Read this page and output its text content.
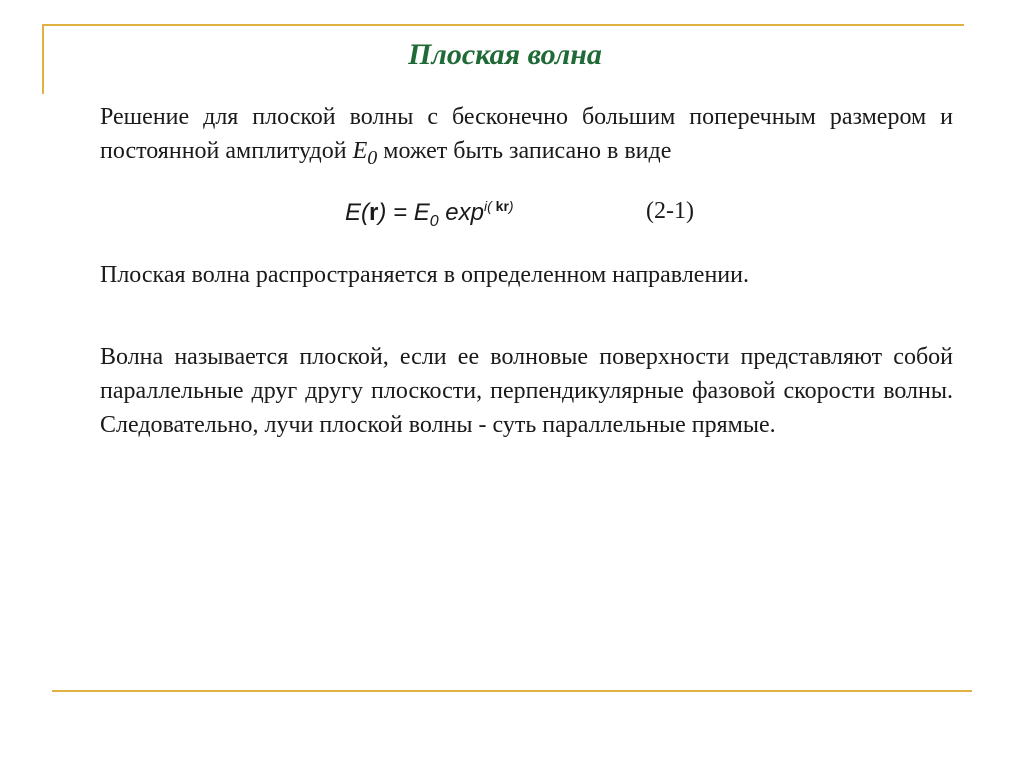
Плоская волна
Решение для плоской волны с бесконечно большим поперечным размером и постоянной амплитудой $E_0$ может быть записано в виде
$E(r) = E_0$ $\exp^{i( kr)}$	(2-1)
Плоская волна распространяется в определенном направлении.
Волна называется плоской, если ее волновые поверхности представляют собой параллельные друг другу плоскости, перпендикулярные фазовой скорости волны. Следовательно, лучи плоской волны - суть параллельные прямые.
